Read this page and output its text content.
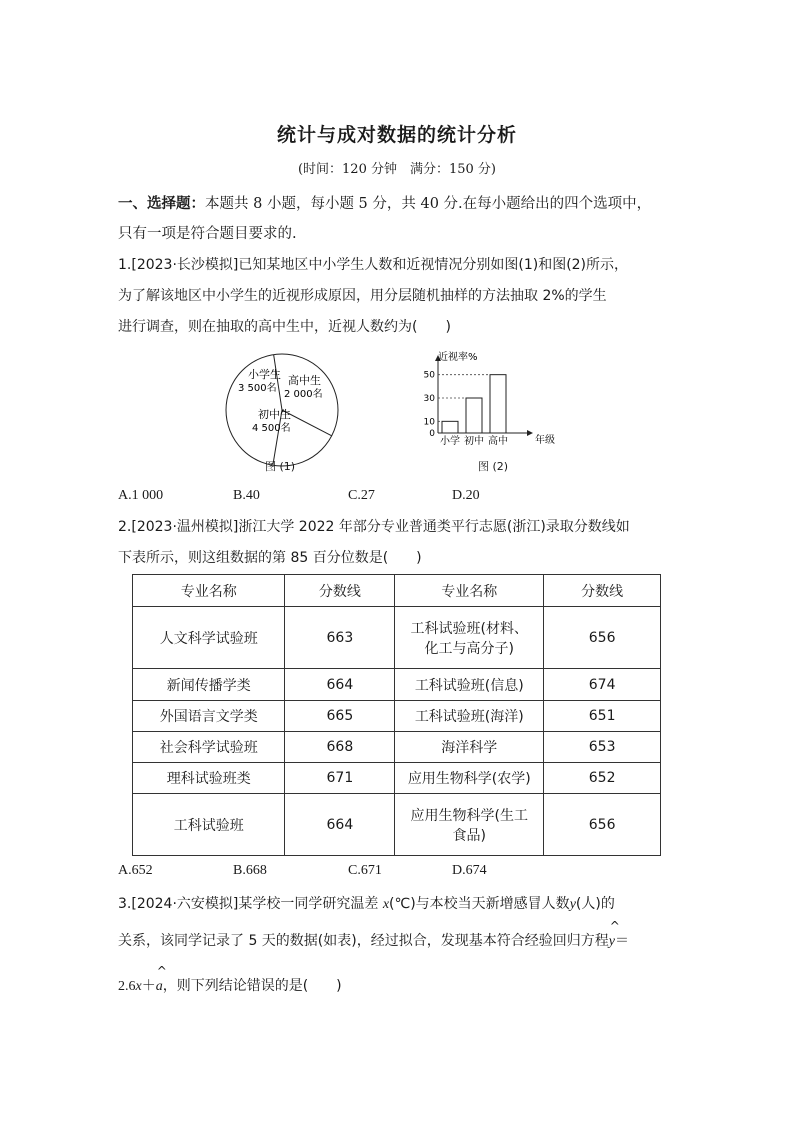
统计与成对数据的统计分析
(时间：120 分钟　满分：150 分)
一、选择题：本题共 8 小题，每小题 5 分，共 40 分.在每小题给出的四个选项中，
只有一项是符合题目要求的.
1.[2023·长沙模拟]已知某地区中小学生人数和近视情况分别如图(1)和图(2)所示，
为了解该地区中小学生的近视形成原因，用分层随机抽样的方法抽取 2%的学生
进行调查，则在抽取的高中生中，近视人数约为(　　)
小学生
3 500名
高中生
2 000名
初中生
4 500名
图 (1)
0
10
30
50
小学 初中 高中
近视率%
年级
图 (2)
A.1 000	B.40	C.27	D.20
2.[2023·温州模拟]浙江大学 2022 年部分专业普通类平行志愿(浙江)录取分数线如
下表所示，则这组数据的第 85 百分位数是(　　)
专业名称	分数线	专业名称	分数线
人文科学试验班	663	工科试验班(材料、
化工与高分子)	656
新闻传播学类	664	工科试验班(信息)	674
外国语言文学类	665	工科试验班(海洋)	651
社会科学试验班	668	海洋科学	653
理科试验班类	671	应用生物科学(农学)	652
工科试验班	664	应用生物科学(生工
食品)	656
A.652	B.668	C.671	D.674
3.[2024·六安模拟]某学校一同学研究温差 x(℃)与本校当天新增感冒人数y(人)的
关系，该同学记录了 5 天的数据(如表)，经过拟合，发现基本符合经验回归方程
^
y＝
2.6x＋
^
a，则下列结论错误的是(　　)
